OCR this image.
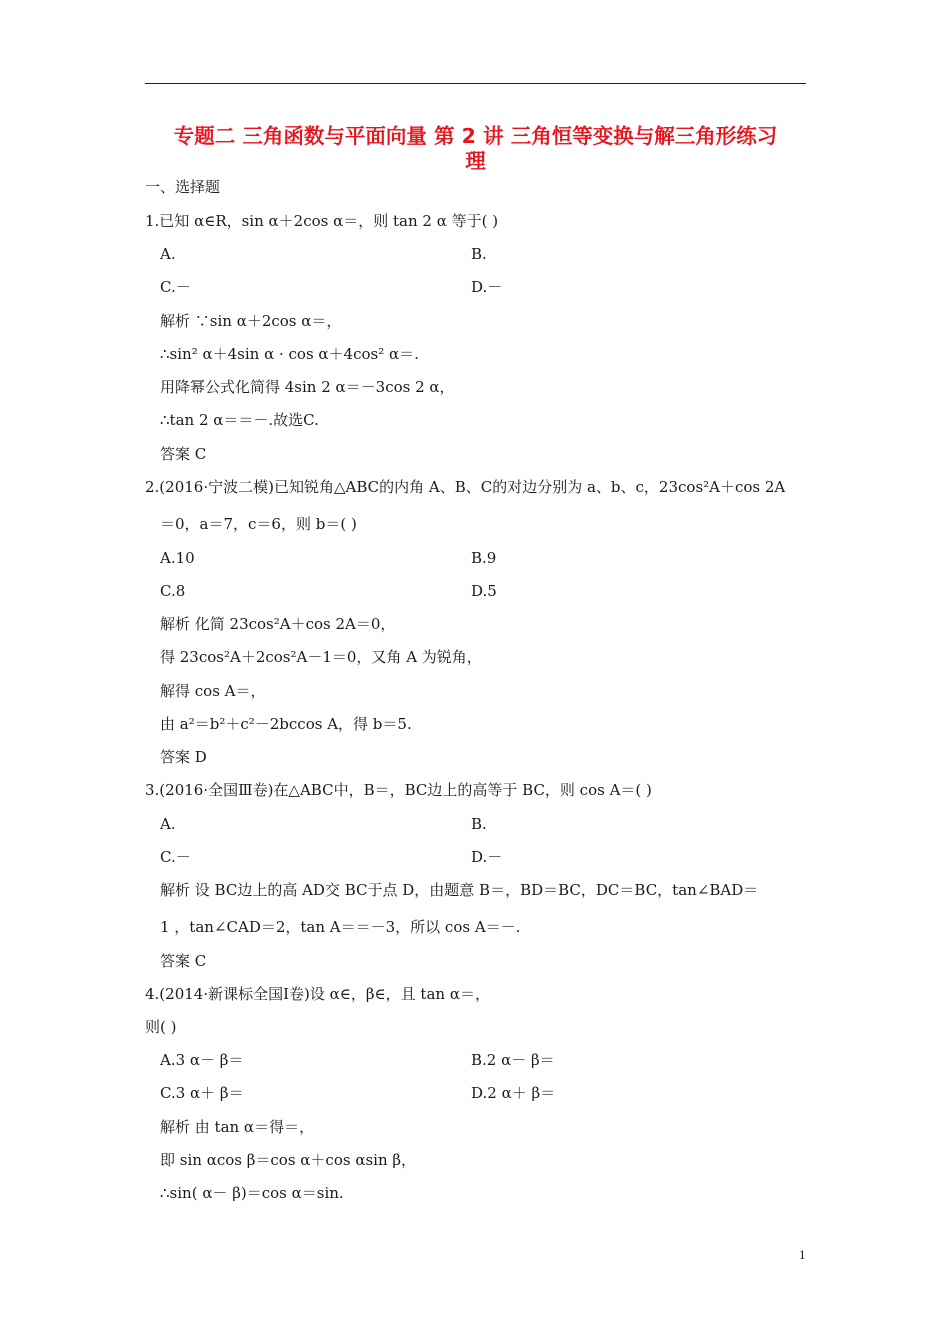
专题二 三角函数与平面向量 第 2 讲 三角恒等变换与解三角形练习
理
一、选择题
1.已知 α∈R，sin α＋2cos α＝，则 tan 2 α 等于( )
A.	B.
C.－	D.－
解析 ∵sin α＋2cos α＝，
∴sin² α＋4sin α · cos α＋4cos² α＝.
用降幂公式化简得 4sin 2 α＝－3cos 2 α，
∴tan 2 α＝＝－.故选C.
答案 C
2.(2016·宁波二模)已知锐角△ABC的内角 A、B、C的对边分别为 a、b、c，23cos²A＋cos 2A
＝0，a＝7，c＝6，则 b＝( )
A.10	B.9
C.8	D.5
解析 化简 23cos²A＋cos 2A＝0，
得 23cos²A＋2cos²A－1＝0，又角 A 为锐角，
解得 cos A＝，
由 a²＝b²＋c²－2bccos A，得 b＝5.
答案 D
3.(2016·全国Ⅲ卷)在△ABC中，B＝，BC边上的高等于 BC，则 cos A＝( )
A.	B.
C.－	D.－
解析 设 BC边上的高 AD交 BC于点 D，由题意 B＝，BD＝BC，DC＝BC，tan∠BAD＝
1 ，tan∠CAD＝2，tan A＝＝－3，所以 cos A＝－.
答案 C
4.(2014·新课标全国Ⅰ卷)设 α∈，β∈，且 tan α＝，
则( )
A.3 α－ β＝	B.2 α－ β＝
C.3 α＋ β＝	D.2 α＋ β＝
解析 由 tan α＝得＝，
即 sin αcos β＝cos α＋cos αsin β，
∴sin( α－ β)＝cos α＝sin.
1
